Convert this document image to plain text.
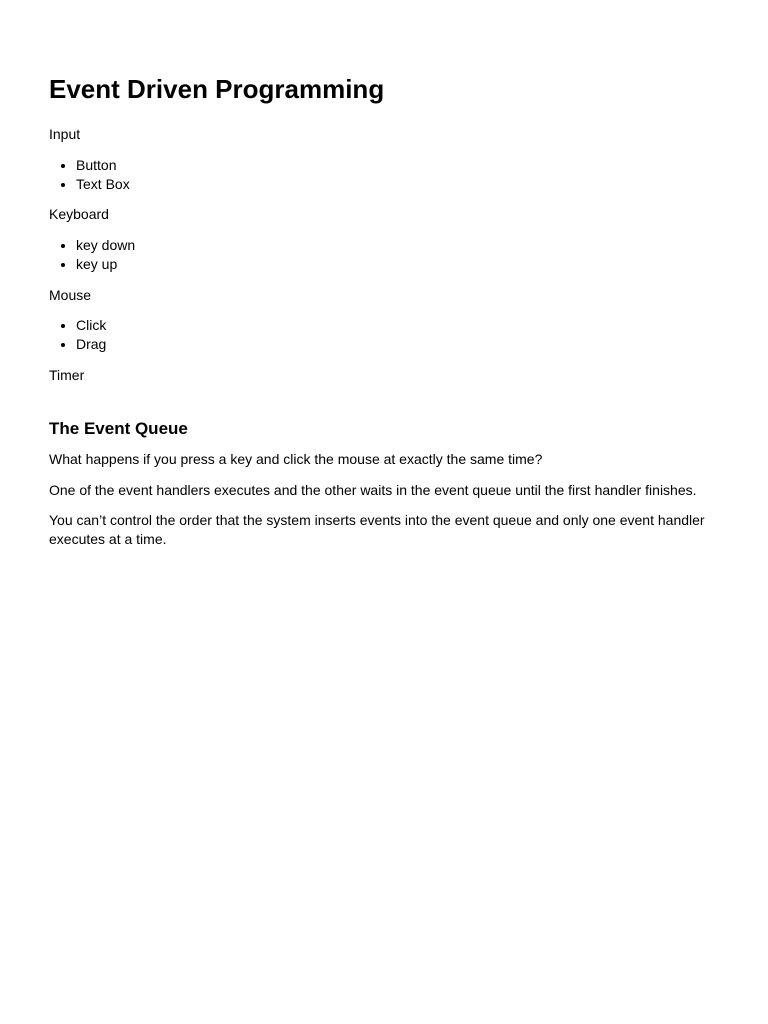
Event Driven Programming

Input

• Button
• Text Box

Keyboard

• key down
• key up

Mouse

• Click
• Drag

Timer

The Event Queue

What happens if you press a key and click the mouse at exactly the same time?

One of the event handlers executes and the other waits in the event queue until the first handler finishes.

You can’t control the order that the system inserts events into the event queue and only one event handler executes at a time.
